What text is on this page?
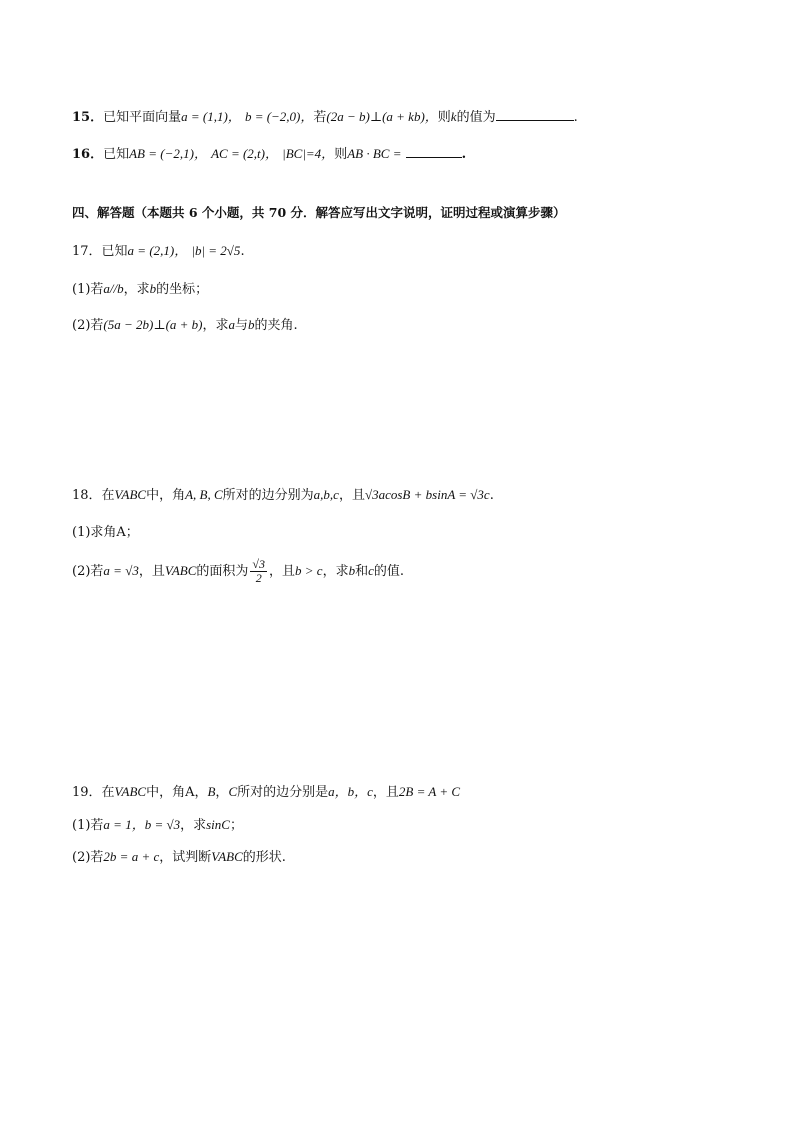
15．已知平面向量a = (1,1)， b = (−2,0)，若(2a − b)⊥(a + kb)，则k的值为	.
16．已知AB = (−2,1)， AC = (2,t)， |BC|=4，则AB · BC =	.
四、解答题（本题共 6 个小题，共 70 分．解答应写出文字说明，证明过程或演算步骤）
17．已知a = (2,1)， |b| = 2√5.
(1)若a//b，求b的坐标；
(2)若(5a − 2b)⊥(a + b)，求a与b的夹角.
18．在VABC中，角A, B, C所对的边分别为a,b,c，且√3acosB + bsinA = √3c.
(1)求角A；
(2)若a = √3，且VABC的面积为 $\frac{√3}{2}$ ，且b > c，求b和c的值.
19．在VABC中，角A，B，C所对的边分别是a，b，c，且2B = A + C
(1)若a = 1，b = √3，求sinC；
(2)若2b = a + c，试判断VABC的形状.
